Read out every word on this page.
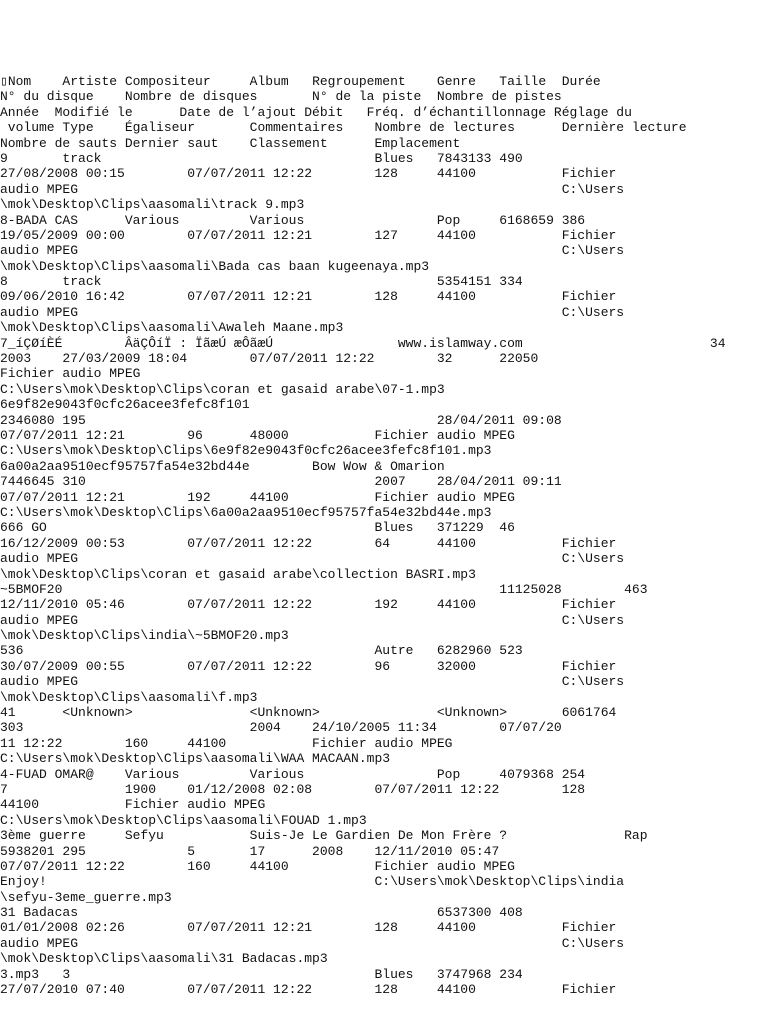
▯Nom    Artiste Compositeur     Album   Regroupement    Genre   Taille  Durée
N° du disque    Nombre de disques       N° de la piste  Nombre de pistes
Année  Modifié le      Date de l’ajout Débit   Fréq. d’échantillonnage Réglage du
volume Type    Égaliseur       Commentaires    Nombre de lectures      Dernière lecture
Nombre de sauts Dernier saut    Classement      Emplacement
9       track                                   Blues   7843133 490
27/08/2008 00:15        07/07/2011 12:22        128     44100           Fichier
audio MPEG                                                              C:\Users
\mok\Desktop\Clips\aasomali\track 9.mp3
8-BADA CAS      Various         Various                 Pop     6168659 386
19/05/2009 00:00        07/07/2011 12:21        127     44100           Fichier
audio MPEG                                                              C:\Users
\mok\Desktop\Clips\aasomali\Bada cas baan kugeenaya.mp3
8       track                                           5354151 334
09/06/2010 16:42        07/07/2011 12:21        128     44100           Fichier
audio MPEG                                                              C:\Users
\mok\Desktop\Clips\aasomali\Awaleh Maane.mp3
7_íÇØíÈÉ        ÂäÇÔíÏ : ÏãæÚ æÔãæÚ                www.islamway.com                        34
2003    27/03/2009 18:04        07/07/2011 12:22        32      22050
Fichier audio MPEG
C:\Users\mok\Desktop\Clips\coran et gasaid arabe\07-1.mp3
6e9f82e9043f0cfc26acee3fefc8f101
2346080 195                                             28/04/2011 09:08
07/07/2011 12:21        96      48000           Fichier audio MPEG
C:\Users\mok\Desktop\Clips\6e9f82e9043f0cfc26acee3fefc8f101.mp3
6a00a2aa9510ecf95757fa54e32bd44e        Bow Wow & Omarion
7446645 310                                     2007    28/04/2011 09:11
07/07/2011 12:21        192     44100           Fichier audio MPEG
C:\Users\mok\Desktop\Clips\6a00a2aa9510ecf95757fa54e32bd44e.mp3
666 GO                                          Blues   371229  46
16/12/2009 00:53        07/07/2011 12:22        64      44100           Fichier
audio MPEG                                                              C:\Users
\mok\Desktop\Clips\coran et gasaid arabe\collection BASRI.mp3
~5BMOF20                                                        11125028        463
12/11/2010 05:46        07/07/2011 12:22        192     44100           Fichier
audio MPEG                                                              C:\Users
\mok\Desktop\Clips\india\~5BMOF20.mp3
536                                             Autre   6282960 523
30/07/2009 00:55        07/07/2011 12:22        96      32000           Fichier
audio MPEG                                                              C:\Users
\mok\Desktop\Clips\aasomali\f.mp3
41      <Unknown>               <Unknown>               <Unknown>       6061764
303                             2004    24/10/2005 11:34        07/07/20
11 12:22        160     44100           Fichier audio MPEG
C:\Users\mok\Desktop\Clips\aasomali\WAA MACAAN.mp3
4-FUAD OMAR@    Various         Various                 Pop     4079368 254
7               1900    01/12/2008 02:08        07/07/2011 12:22        128
44100           Fichier audio MPEG
C:\Users\mok\Desktop\Clips\aasomali\FOUAD 1.mp3
3ème guerre     Sefyu           Suis-Je Le Gardien De Mon Frère ?               Rap
5938201 295             5       17      2008    12/11/2010 05:47
07/07/2011 12:22        160     44100           Fichier audio MPEG
Enjoy!                                          C:\Users\mok\Desktop\Clips\india
\sefyu-3eme_guerre.mp3
31 Badacas                                              6537300 408
01/01/2008 02:26        07/07/2011 12:21        128     44100           Fichier
audio MPEG                                                              C:\Users
\mok\Desktop\Clips\aasomali\31 Badacas.mp3
3.mp3   3                                       Blues   3747968 234
27/07/2010 07:40        07/07/2011 12:22        128     44100           Fichier
